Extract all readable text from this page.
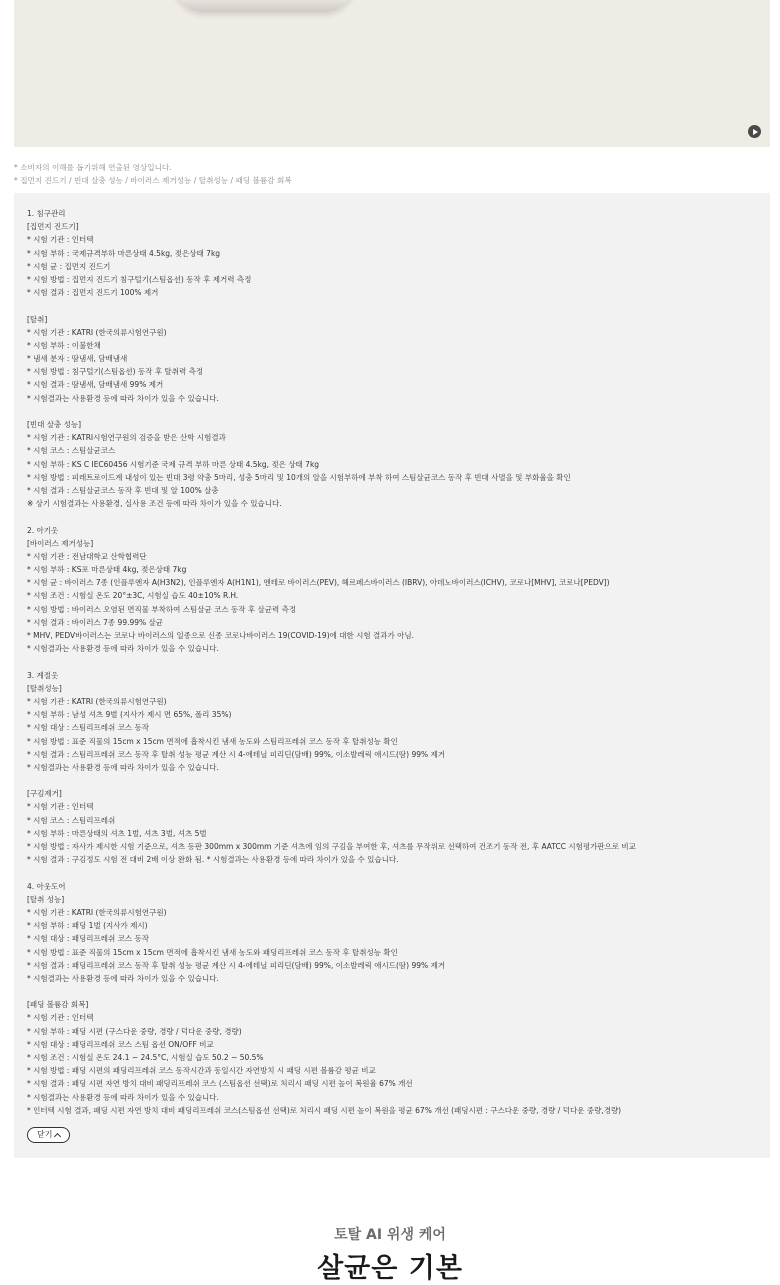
* 소비자의 이해를 돕기위해 연출된 영상입니다.
* 집먼지 진드기 / 빈대 살충 성능 / 바이러스 제거성능 / 탈취성능 / 패딩 볼륨감 회복
1. 침구관리
[집먼지 진드기]
* 시험 기관 : 인터텍
* 시험 부하 : 국제규격부하 마른상태 4.5kg, 젖은상태 7kg
* 시험 균 : 집먼지 진드기
* 시험 방법 : 집먼지 진드기 침구털기(스팀옵션) 동작 후 제거력 측정
* 시험 결과 : 집먼지 진드기 100% 제거
[탈취]
* 시험 기관 : KATRI (한국의류시험연구원)
* 시험 부하 : 이불한채
* 냄새 분자 : 땀냄새, 담배냄새
* 시험 방법 : 침구털기(스팀옵션) 동작 후 탈취력 측정
* 시험 결과 : 땀냄새, 담배냄새 99% 제거
* 시험결과는 사용환경 등에 따라 차이가 있을 수 있습니다.
[빈대 살충 성능]
* 시험 기관 : KATRI시험연구원의 검증을 받은 산학 시험결과
* 시험 코스 : 스팀살균코스
* 시험 부하 : KS C IEC60456 시험기준 국제 규격 부하 마른 상태 4.5kg, 젖은 상태 7kg
* 시험 방법 : 피레트로이드계 내성이 있는 빈대 3령 약충 5마리, 성충 5마리 및 10개의 알을 시험부하에 부착 하여 스팀살균코스 동작 후 빈대 사멸을 및 부화율을 확인
* 시험 결과 : 스팀살균코스 동작 후 빈대 및 알 100% 살충
※ 상기 시험결과는 사용환경, 실사용 조건 등에 따라 차이가 있을 수 있습니다.
2. 아기옷
[바이러스 제거성능]
* 시험 기관 : 전남대학교 산학협력단
* 시험 부하 : KS포 마른상태 4kg, 젖은상태 7kg
* 시험 균 : 바이러스 7종 (인플루엔자 A(H3N2), 인플루엔자 A(H1N1), 엔테로 바이러스(PEV), 헤르페스바이러스 (IBRV), 아데노바이러스(ICHV), 코로나[MHV], 코로나[PEDV])
* 시험 조건 : 시험실 온도 20°±3C, 시험실 습도 40±10% R.H.
* 시험 방법 : 바이러스 오염된 면직물 부착하여 스팀살균 코스 동작 후 살균력 측정
* 시험 결과 : 바이러스 7종 99.99% 살균
* MHV, PEDV바이러스는 코로나 바이러스의 일종으로 신종 코로나바이러스 19(COVID-19)에 대한 시험 결과가 아님.
* 시험결과는 사용환경 등에 따라 차이가 있을 수 있습니다.
3. 계절옷
[탈취성능]
* 시험 기관 : KATRI (한국의류시험연구원)
* 시험 부하 : 남성 셔츠 9벌 (지사가 제시 면 65%, 폴리 35%)
* 시험 대상 : 스팀리프레쉬 코스 동작
* 시험 방법 : 표준 직물의 15cm x 15cm 면적에 흡착시킨 냄새 농도와 스팀리프레쉬 코스 동작 후 탈취성능 확인
* 시험 결과 : 스팀리프레쉬 코스 동작 후 탈취 성능 평균 계산 시 4-에테닐 피리딘(담배) 99%, 이소발레릭 애시드(땀) 99% 제거
* 시험결과는 사용환경 등에 따라 차이가 있을 수 있습니다.
[구김제거]
* 시험 기관 : 인터텍
* 시험 코스 : 스팀리프레쉬
* 시험 부하 : 마른상태의 셔츠 1벌, 셔츠 3벌, 셔츠 5벌
* 시험 방법 : 자사가 제시한 시험 기준으로, 셔츠 등판 300mm x 300mm 기준 셔츠에 임의 구김을 부여한 후, 셔츠를 무작위로 선택하여 건조기 동작 전, 후 AATCC 시험평가판으로 비교
* 시험 결과 : 구김정도 시험 전 대비 2배 이상 완화 됨. * 시험결과는 사용환경 등에 따라 차이가 있을 수 있습니다.
4. 아웃도어
[탈취 성능]
* 시험 기관 : KATRI (한국의류시험연구원)
* 시험 부하 : 패딩 1벌 (지사가 제시)
* 시험 대상 : 패딩리프레쉬 코스 동작
* 시험 방법 : 표준 직물의 15cm x 15cm 면적에 흡착시킨 냄새 농도와 패딩리프레쉬 코스 동작 후 탈취성능 확인
* 시험 결과 : 패딩리프레쉬 코스 동작 후 탈취 성능 평균 계산 시 4-에테닐 피리딘(담배) 99%, 이소발레릭 애시드(땀) 99% 제거
* 시험결과는 사용환경 등에 따라 차이가 있을 수 있습니다.
[패딩 볼륨감 회복]
* 시험 기관 : 인터텍
* 시험 부하 : 패딩 시편 (구스다운 중량, 경량 / 덕다운 중량, 경량)
* 시험 대상 : 패딩리프레쉬 코스 스팀 옵션 ON/OFF 비교
* 시험 조건 : 시험실 온도 24.1 ~ 24.5°C, 시험실 습도 50.2 ~ 50.5%
* 시험 방법 : 패딩 시편의 패딩리프레쉬 코스 동작시간과 동일시간 자연방치 시 패딩 시편 볼륨감 평균 비교
* 시험 결과 : 패딩 시편 자연 방치 대비 패딩리프레쉬 코스 (스팀옵션 선택)로 처리시 패딩 시편 높이 복원율 67% 개선
* 시험결과는 사용환경 등에 따라 차이가 있을 수 있습니다.
* 인터텍 시험 결과, 패딩 시편 자연 방치 대비 패딩리프레쉬 코스(스팀옵션 선택)로 처리시 패딩 시편 높이 복원을 평균 67% 개선 (패딩시편 : 구스다운 중량, 경량 / 덕다운 중량,경량)
닫기
토탈 AI 위생 케어
살균은 기본
